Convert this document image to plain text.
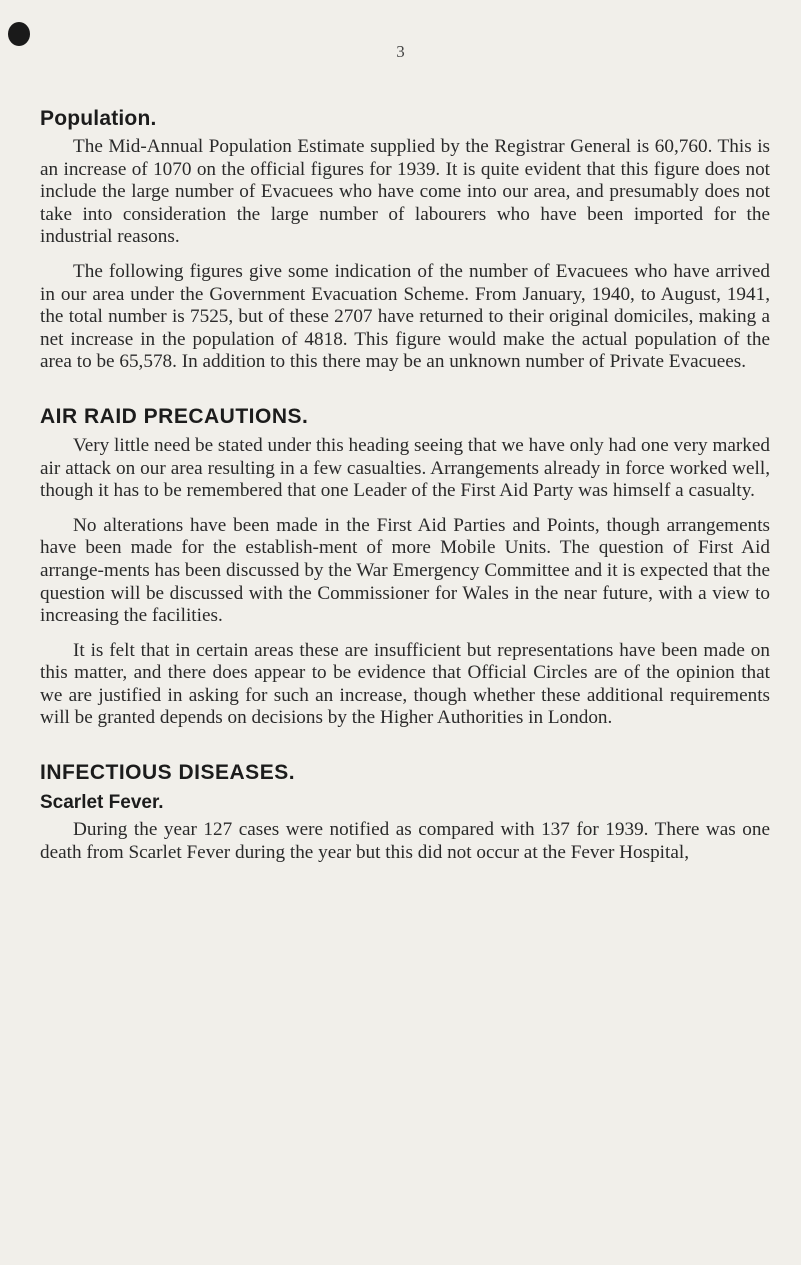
3
Population.

The Mid-Annual Population Estimate supplied by the Registrar General is 60,760. This is an increase of 1070 on the official figures for 1939. It is quite evident that this figure does not include the large number of Evacuees who have come into our area, and presumably does not take into consideration the large number of labourers who have been imported for the industrial reasons.

The following figures give some indication of the number of Evacuees who have arrived in our area under the Government Evacuation Scheme. From January, 1940, to August, 1941, the total number is 7525, but of these 2707 have returned to their original domiciles, making a net increase in the population of 4818. This figure would make the actual population of the area to be 65,578. In addition to this there may be an unknown number of Private Evacuees.

AIR RAID PRECAUTIONS.

Very little need be stated under this heading seeing that we have only had one very marked air attack on our area resulting in a few casualties. Arrangements already in force worked well, though it has to be remembered that one Leader of the First Aid Party was himself a casualty.

No alterations have been made in the First Aid Parties and Points, though arrangements have been made for the establish-ment of more Mobile Units. The question of First Aid arrange-ments has been discussed by the War Emergency Committee and it is expected that the question will be discussed with the Commissioner for Wales in the near future, with a view to increasing the facilities.

It is felt that in certain areas these are insufficient but representations have been made on this matter, and there does appear to be evidence that Official Circles are of the opinion that we are justified in asking for such an increase, though whether these additional requirements will be granted depends on decisions by the Higher Authorities in London.

INFECTIOUS DISEASES.
Scarlet Fever.

During the year 127 cases were notified as compared with 137 for 1939. There was one death from Scarlet Fever during the year but this did not occur at the Fever Hospital,
